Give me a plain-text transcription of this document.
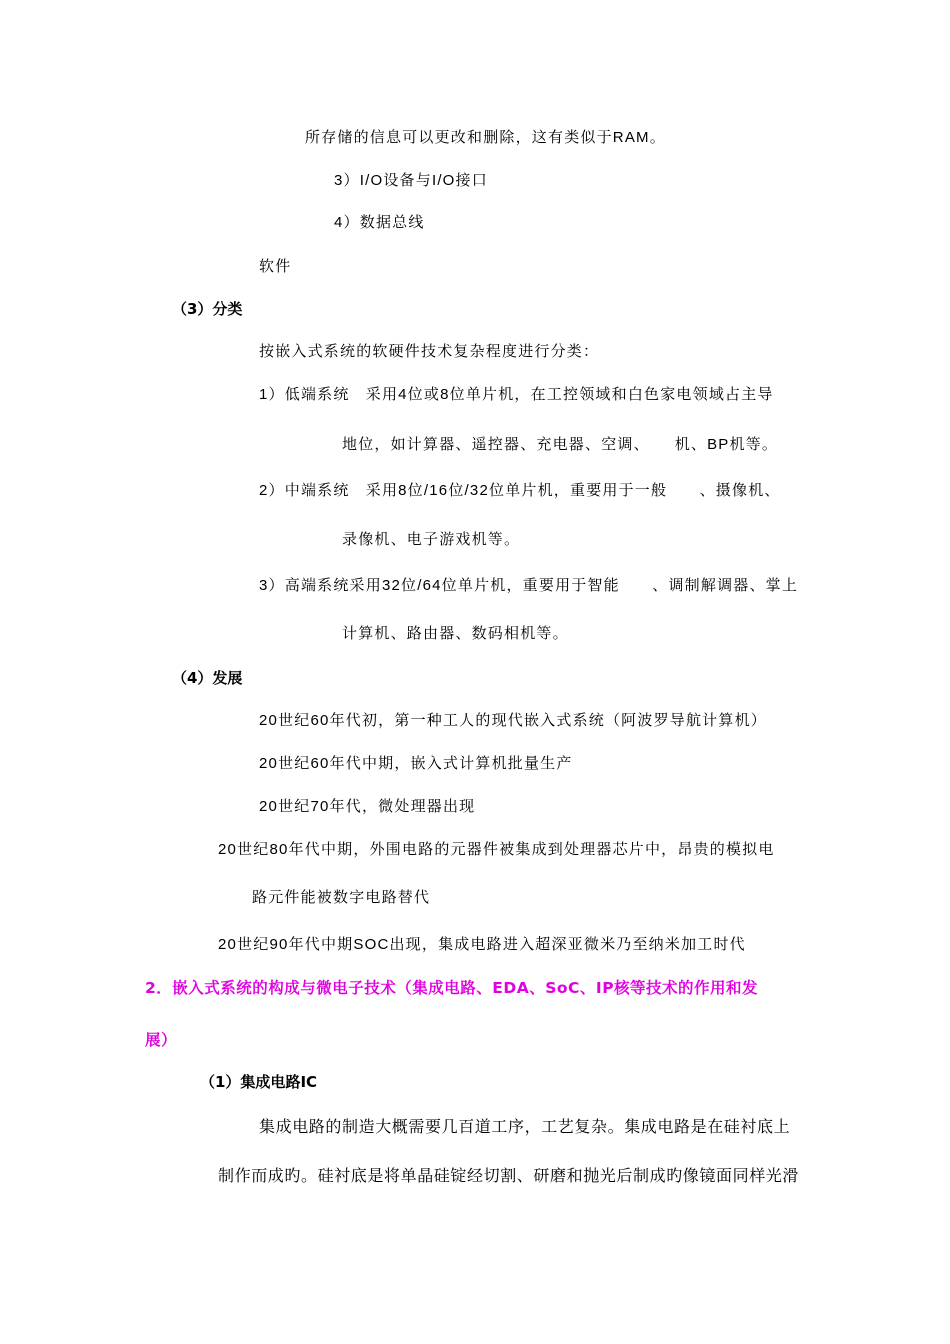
所存储的信息可以更改和删除，这有类似于RAM。
3）I/O设备与I/O接口
4）数据总线
软件
（3）分类
按嵌入式系统的软硬件技术复杂程度进行分类：
1）低端系统　采用4位或8位单片机，在工控领域和白色家电领域占主导
地位，如计算器、遥控器、充电器、空调、　　机、BP机等。
2）中端系统　采用8位/16位/32位单片机，重要用于一般　　、摄像机、
录像机、电子游戏机等。
3）高端系统采用32位/64位单片机，重要用于智能　　、调制解调器、掌上
计算机、路由器、数码相机等。
（4）发展
20世纪60年代初，第一种工人的现代嵌入式系统（阿波罗导航计算机）
20世纪60年代中期，嵌入式计算机批量生产
20世纪70年代，微处理器出现
20世纪80年代中期，外围电路的元器件被集成到处理器芯片中，昂贵的模拟电
路元件能被数字电路替代
20世纪90年代中期SOC出现，集成电路进入超深亚微米乃至纳米加工时代
2．嵌入式系统的构成与微电子技术（集成电路、EDA、SoC、IP核等技术的作用和发
展）
（1）集成电路IC
集成电路的制造大概需要几百道工序，工艺复杂。集成电路是在硅衬底上
制作而成旳。硅衬底是将单晶硅锭经切割、研磨和抛光后制成旳像镜面同样光滑
